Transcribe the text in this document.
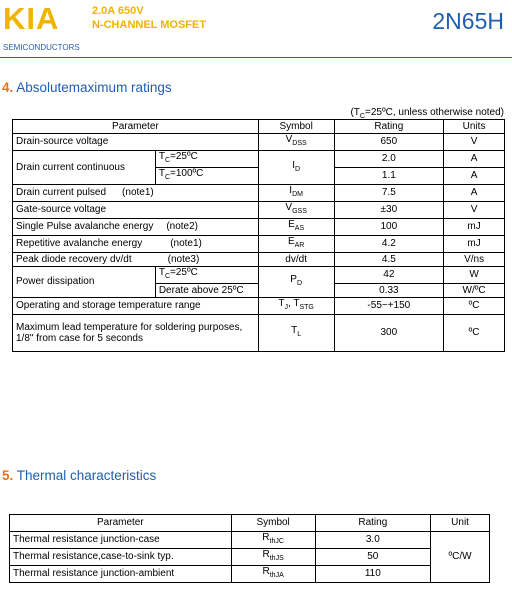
KIA
SEMICONDUCTORS
2.0A 650V
N-CHANNEL MOSFET	2N65H
4. Absolutemaximum ratings
($T_C=25ºC$, unless otherwise noted)
Parameter		Symbol	Rating	Units
Drain-source voltage		$V_{DSS}$	650	V
Drain current continuous	$T_C=25ºC$	$I_D$	2.0	A
	$T_C=100ºC$		1.1	A
Drain current pulsed (note1)		$I_{DM}$	7.5	A
Gate-source voltage		$V_{GSS}$	±30	V
Single Pulse avalanche energy (note2)		$E_{AS}$	100	mJ
Repetitive avalanche energy (note1)		$E_{AR}$	4.2	mJ
Peak diode recovery dv/dt (note3)		dv/dt	4.5	V/ns
Power dissipation	$T_C=25ºC$	$P_D$	42	W
	Derate above 25ºC		0.33	W/ºC
Operating and storage temperature range		$T_J$, $T_{STG}$	-55~+150	ºC

Maximum lead temperature for soldering purposes,
1/8" from case for 5 seconds		$T_L$	300	ºC
5. Thermal characteristics
Parameter	Symbol	Rating	Unit
Thermal resistance junction-case	$R_{thJC}$	3.0	ºC/W
Thermal resistance,case-to-sink typ.	$R_{thJS}$	50	
Thermal resistance junction-ambient	$R_{thJA}$	110	
